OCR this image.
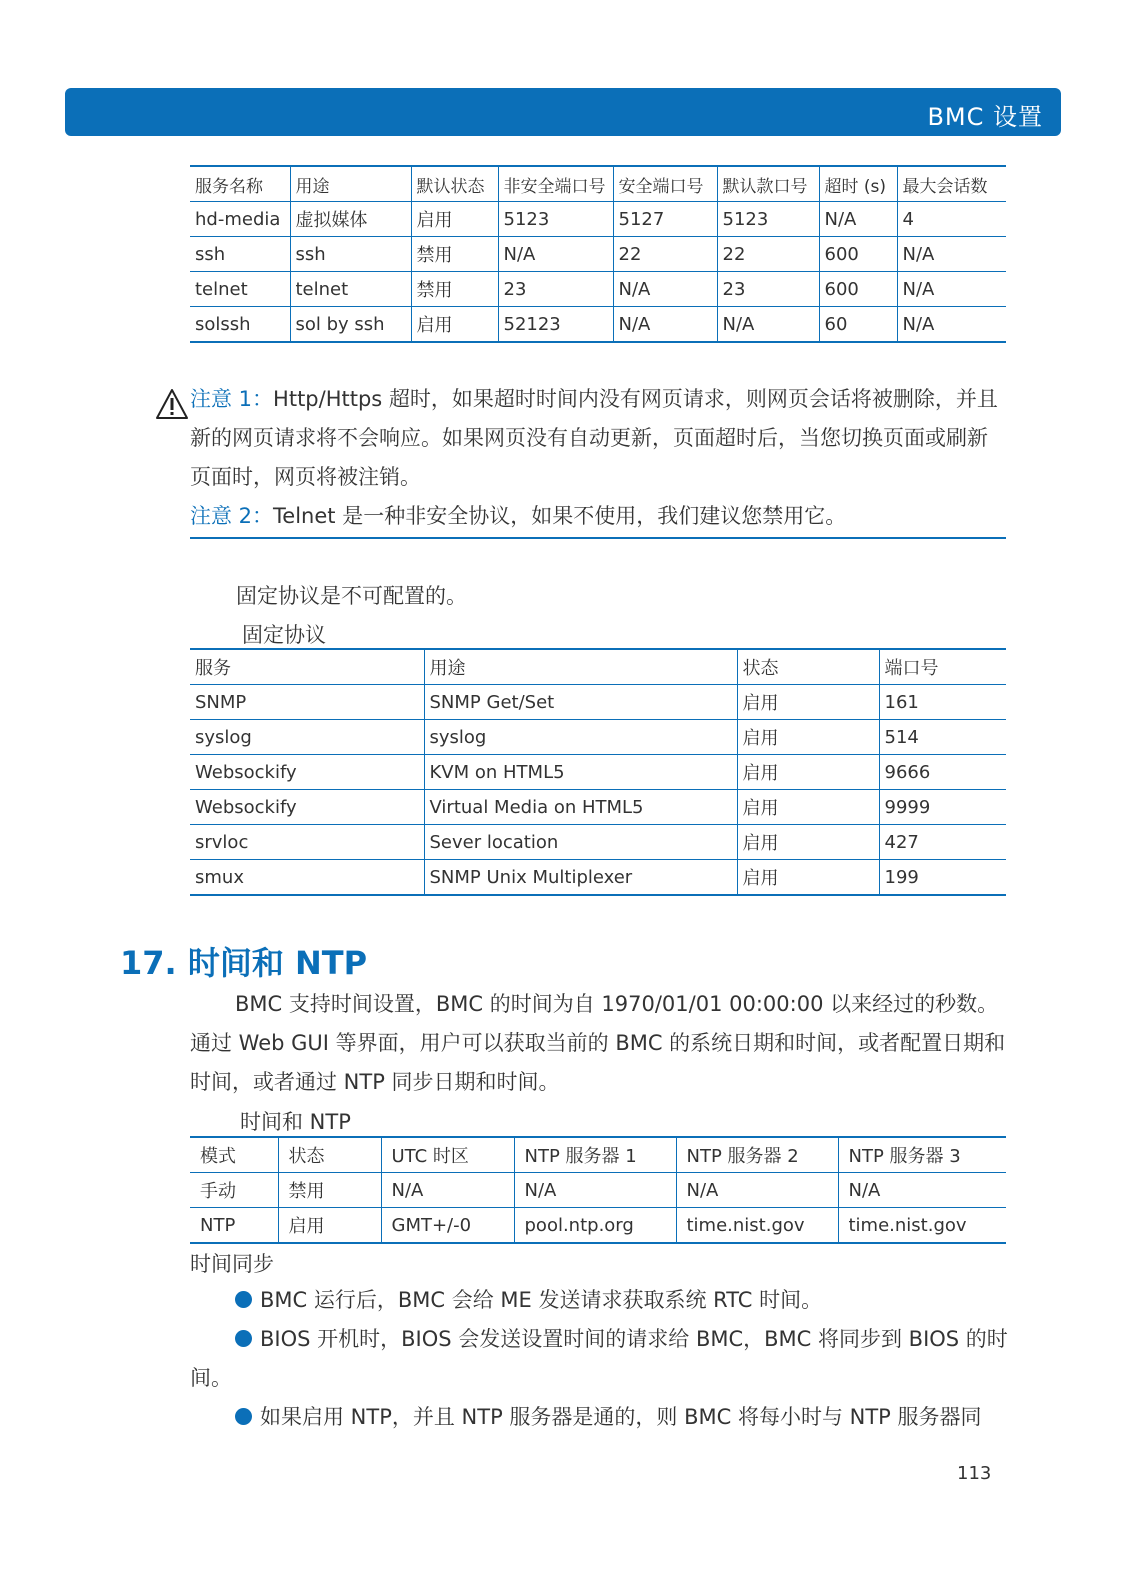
BMC 设置
服务名称	用途	默认状态	非安全端口号	安全端口号	默认款口号	超时 (s)	最大会话数
hd-media	虚拟媒体	启用	5123	5127	5123	N/A	4
ssh	ssh	禁用	N/A	22	22	600	N/A
telnet	telnet	禁用	23	N/A	23	600	N/A
solssh	sol by ssh	启用	52123	N/A	N/A	60	N/A
注意 1：Http/Https 超时，如果超时时间内没有网页请求，则网页会话将被删除，并且新的网页请求将不会响应。如果网页没有自动更新，页面超时后，当您切换页面或刷新页面时，网页将被注销。
注意 2：Telnet 是一种非安全协议，如果不使用，我们建议您禁用它。
固定协议是不可配置的。
固定协议
服务	用途	状态	端口号
SNMP	SNMP Get/Set	启用	161
syslog	syslog	启用	514
Websockify	KVM on HTML5	启用	9666
Websockify	Virtual Media on HTML5	启用	9999
srvloc	Sever location	启用	427
smux	SNMP Unix Multiplexer	启用	199
17. 时间和 NTP
BMC 支持时间设置，BMC 的时间为自 1970/01/01 00:00:00 以来经过的秒数。通过 Web GUI 等界面，用户可以获取当前的 BMC 的系统日期和时间，或者配置日期和时间，或者通过 NTP 同步日期和时间。
时间和 NTP
模式	状态	UTC 时区	NTP 服务器 1	NTP 服务器 2	NTP 服务器 3
手动	禁用	N/A	N/A	N/A	N/A
NTP	启用	GMT+/-0	pool.ntp.org	time.nist.gov	time.nist.gov
时间同步
BMC 运行后，BMC 会给 ME 发送请求获取系统 RTC 时间。
BIOS 开机时，BIOS 会发送设置时间的请求给 BMC，BMC 将同步到 BIOS 的时间。
如果启用 NTP，并且 NTP 服务器是通的，则 BMC 将每小时与 NTP 服务器同
113
